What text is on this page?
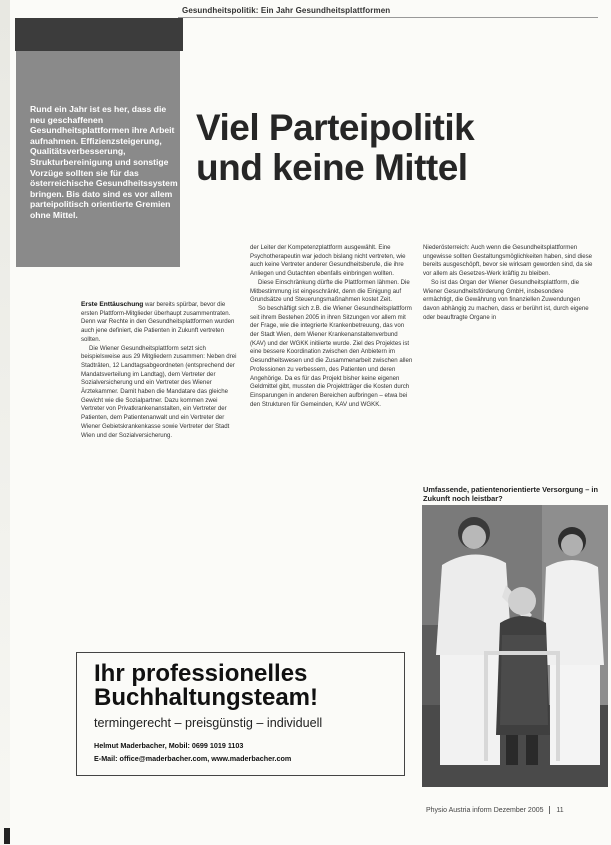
Gesundheitspolitik: Ein Jahr Gesundheitsplattformen
Rund ein Jahr ist es her, dass die neu geschaffenen Gesundheitsplattformen ihre Arbeit aufnahmen. Effizienzsteigerung, Qualitätsverbesserung, Strukturbereinigung und sonstige Vorzüge sollten sie für das österreichische Gesundheitssystem bringen. Bis dato sind es vor allem parteipolitisch orientierte Gremien ohne Mittel.
Viel Parteipolitik
und keine Mittel

Erste Enttäuschung war bereits spürbar, bevor die ersten Plattform-Mitglieder überhaupt zusammentraten. Denn war Rechte in den Gesundheitsplattformen wurden auch jene definiert, die Patienten in Zukunft vertreten sollten.

Die Wiener Gesundheitsplattform setzt sich beispielsweise aus 29 Mitgliedern zusammen: Neben drei Stadträten, 12 Landtagsabgeordneten (entsprechend der Mandatsverteilung im Landtag), dem Vertreter der Sozialversicherung und ein Vertreter des Wiener Ärztekammer. Damit haben die Mandatare das gleiche Gewicht wie die Sozialpartner. Dazu kommen zwei Vertreter von Privatkrankenanstalten, ein Vertreter der Patienten, dem Patientenanwalt und ein Vertreter der Wiener Gebietskrankenkasse sowie Vertreter der Stadt Wien und der Sozialversicherung.

der Leiter der Kompetenzplattform ausgewählt. Eine Psychotherapeutin war jedoch bislang nicht vertreten, wie auch keine Vertreter anderer Gesundheitsberufe, die ihre Anliegen und Gutachten ebenfalls einbringen wollten.

Diese Einschränkung dürfte die Plattformen lähmen. Die Mitbestimmung ist eingeschränkt, denn die Einigung auf Grundsätze und Steuerungsmaßnahmen kostet Zeit.

So beschäftigt sich z.B. die Wiener Gesundheitsplattform seit ihrem Bestehen 2005 in ihren Sitzungen vor allem mit der Frage, wie die integrierte Krankenbetreuung, das von der Stadt Wien, dem Wiener Krankenanstaltenverbund (KAV) und der WGKK initiierte wurde. Ziel des Projektes ist eine bessere Koordination zwischen den Anbietern im Gesundheitswesen und die Zusammenarbeit zwischen allen Professionen zu verbessern, des Patienten und deren Angehörige. Da es für das Projekt bisher keine eigenen Geldmittel gibt, mussten die Projektträger die Kosten durch Einsparungen in anderen Bereichen aufbringen – etwa bei den Strukturen für Gemeinden, KAV und WGKK.

Niederösterreich: Auch wenn die Gesundheitsplattformen ungewisse sollten Gestaltungsmöglichkeiten haben, sind diese bereits ausgeschöpft, bevor sie wirksam geworden sind, da sie vor allem als Gesetzes-Werk kräftig zu bleiben.

So ist das Organ der Wiener Gesundheitsplattform, die Wiener Gesundheitsförderung GmbH, insbesondere ermächtigt, die Gewährung von finanziellen Zuwendungen davon abhängig zu machen, dass er berührt ist, durch eigene oder beauftragte Organe in

Umfassende, patientenorientierte Versorgung – in Zukunft noch leistbar?
Ihr professionelles
Buchhaltungsteam!
termingerecht – preisgünstig – individuell
Helmut Maderbacher, Mobil: 0699 1019 1103
E-Mail: office@maderbacher.com, www.maderbacher.com
Physio Austria inform Dezember 2005 11
